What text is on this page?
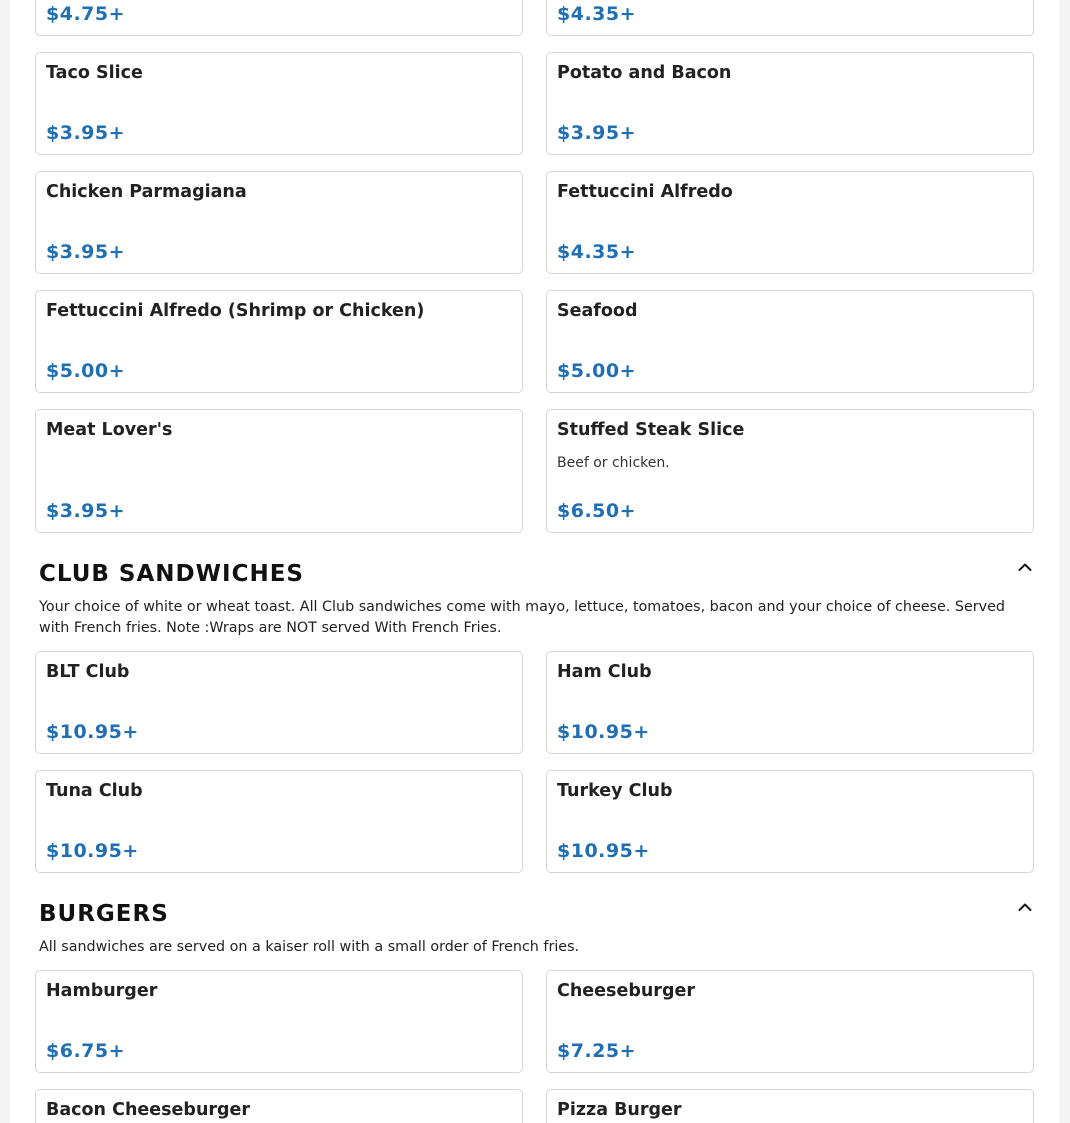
$4.75+	$4.35+
Taco Slice
$3.95+
Potato and Bacon
$3.95+
Chicken Parmagiana
$3.95+
Fettuccini Alfredo
$4.35+
Fettuccini Alfredo (Shrimp or Chicken)
$5.00+
Seafood
$5.00+
Meat Lover's
$3.95+
Stuffed Steak Slice
Beef or chicken.
$6.50+
CLUB SANDWICHES
Your choice of white or wheat toast. All Club sandwiches come with mayo, lettuce, tomatoes, bacon and your choice of cheese. Served with French fries. Note :Wraps are NOT served With French Fries.
BLT Club
$10.95+
Ham Club
$10.95+
Tuna Club
$10.95+
Turkey Club
$10.95+
BURGERS
All sandwiches are served on a kaiser roll with a small order of French fries.
Hamburger
$6.75+
Cheeseburger
$7.25+
Bacon Cheeseburger	Pizza Burger
